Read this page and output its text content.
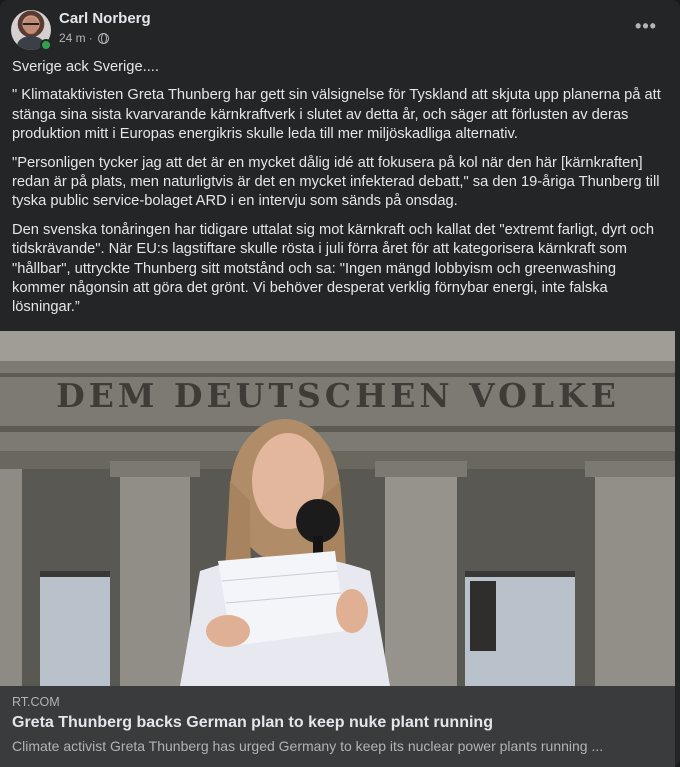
Carl Norberg
24 m ·
•••

Sverige ack Sverige....

" Klimataktivisten Greta Thunberg har gett sin välsignelse för Tyskland att skjuta upp planerna på att stänga sina sista kvarvarande kärnkraftverk i slutet av detta år, och säger att förlusten av deras produktion mitt i Europas energikris skulle leda till mer miljöskadliga alternativ.

"Personligen tycker jag att det är en mycket dålig idé att fokusera på kol när den här [kärnkraften] redan är på plats, men naturligtvis är det en mycket infekterad debatt," sa den 19-åriga Thunberg till tyska public service-bolaget ARD i en intervju som sänds på onsdag.

Den svenska tonåringen har tidigare uttalat sig mot kärnkraft och kallat det "extremt farligt, dyrt och tidskrävande". När EU:s lagstiftare skulle rösta i juli förra året för att kategorisera kärnkraft som "hållbar", uttryckte Thunberg sitt motstånd och sa: "Ingen mängd lobbyism och greenwashing kommer någonsin att göra det grönt. Vi behöver desperat verklig förnybar energi, inte falska lösningar.”

DEM DEUTSCHEN VOLKE
RT.COM
Greta Thunberg backs German plan to keep nuke plant running
Climate activist Greta Thunberg has urged Germany to keep its nuclear power plants running ...
